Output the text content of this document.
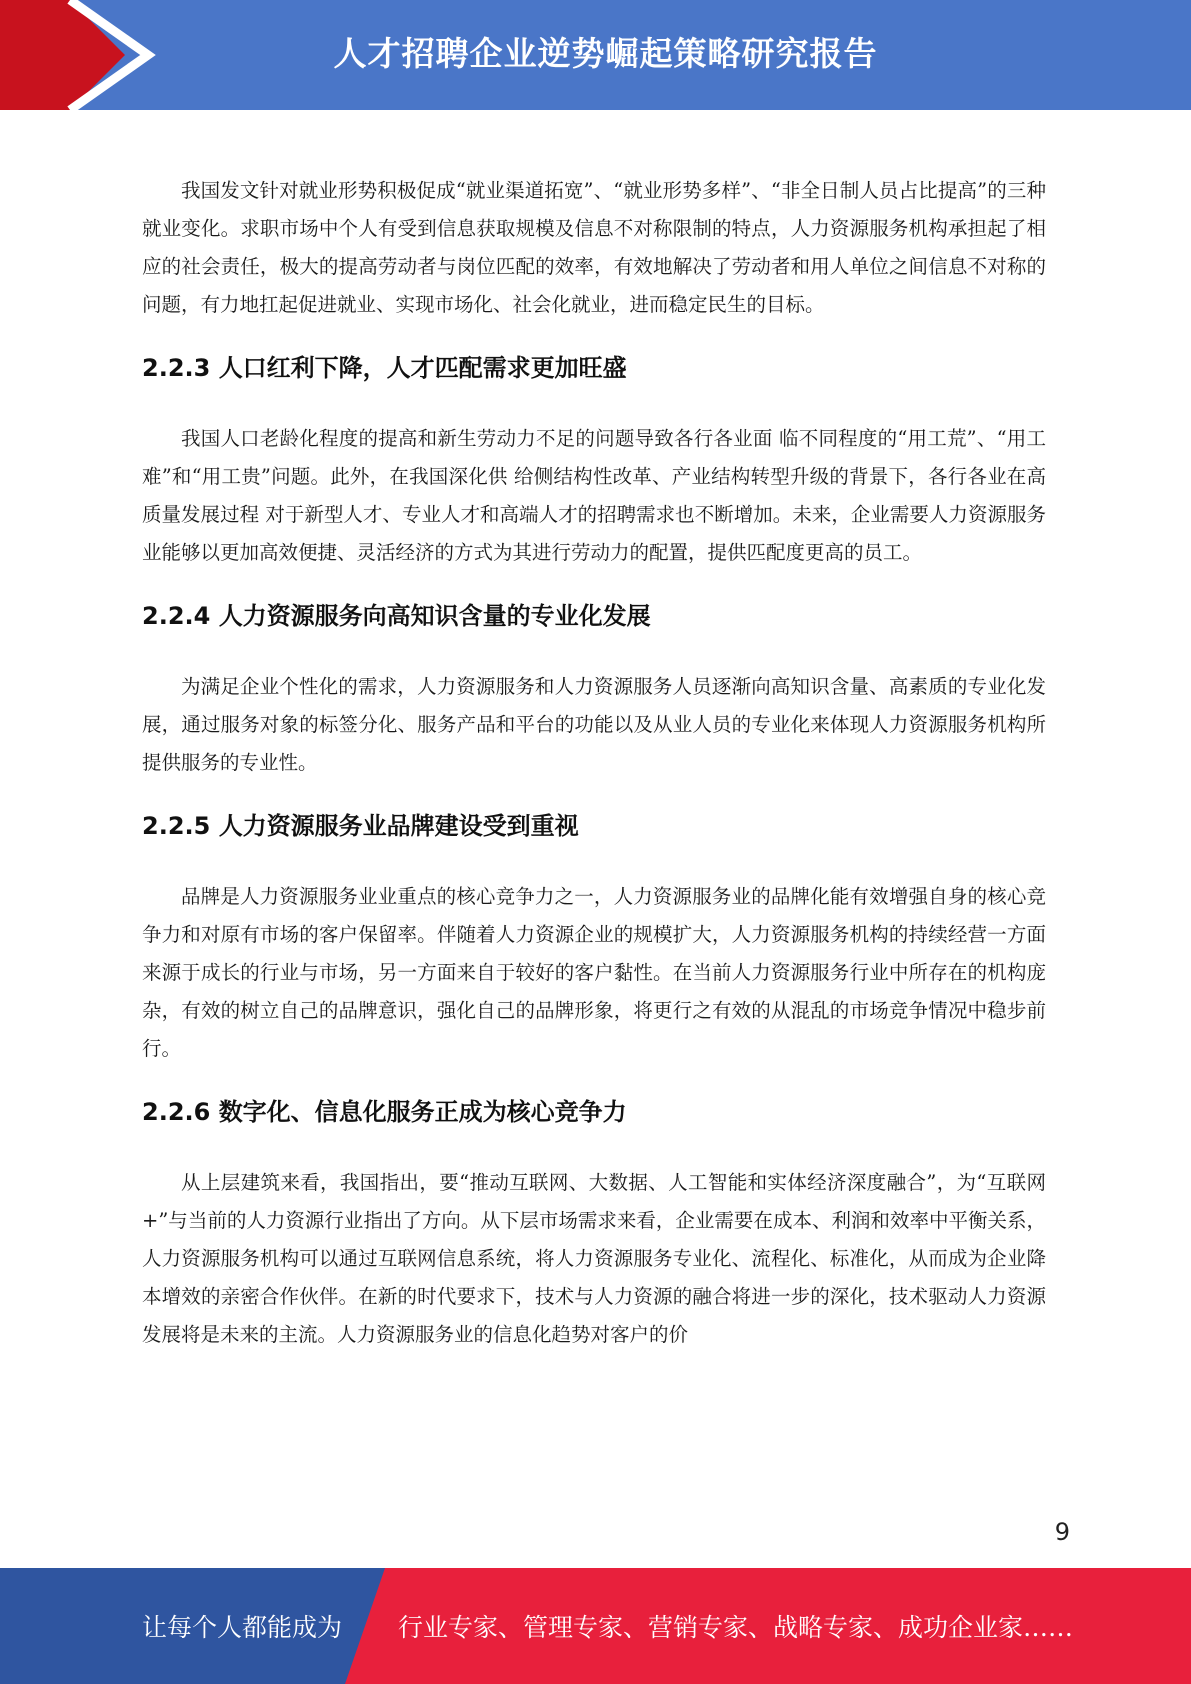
人才招聘企业逆势崛起策略研究报告

我国发文针对就业形势积极促成“就业渠道拓宽”、“就业形势多样”、“非全日制人员占比提高”的三种就业变化。求职市场中个人有受到信息获取规模及信息不对称限制的特点，人力资源服务机构承担起了相应的社会责任，极大的提高劳动者与岗位匹配的效率，有效地解决了劳动者和用人单位之间信息不对称的问题，有力地扛起促进就业、实现市场化、社会化就业，进而稳定民生的目标。

2.2.3 人口红利下降，人才匹配需求更加旺盛

我国人口老龄化程度的提高和新生劳动力不足的问题导致各行各业面 临不同程度的“用工荒”、“用工难”和“用工贵”问题。此外，在我国深化供 给侧结构性改革、产业结构转型升级的背景下，各行各业在高质量发展过程 对于新型人才、专业人才和高端人才的招聘需求也不断增加。未来，企业需要人力资源服务业能够以更加高效便捷、灵活经济的方式为其进行劳动力的配置，提供匹配度更高的员工。

2.2.4 人力资源服务向高知识含量的专业化发展

为满足企业个性化的需求，人力资源服务和人力资源服务人员逐渐向高知识含量、高素质的专业化发展，通过服务对象的标签分化、服务产品和平台的功能以及从业人员的专业化来体现人力资源服务机构所提供服务的专业性。

2.2.5 人力资源服务业品牌建设受到重视

品牌是人力资源服务业业重点的核心竞争力之一，人力资源服务业的品牌化能有效增强自身的核心竞争力和对原有市场的客户保留率。伴随着人力资源企业的规模扩大，人力资源服务机构的持续经营一方面来源于成长的行业与市场，另一方面来自于较好的客户黏性。在当前人力资源服务行业中所存在的机构庞杂，有效的树立自己的品牌意识，强化自己的品牌形象，将更行之有效的从混乱的市场竞争情况中稳步前行。

2.2.6 数字化、信息化服务正成为核心竞争力

从上层建筑来看，我国指出，要“推动互联网、大数据、人工智能和实体经济深度融合”，为“互联网+”与当前的人力资源行业指出了方向。从下层市场需求来看，企业需要在成本、利润和效率中平衡关系，人力资源服务机构可以通过互联网信息系统，将人力资源服务专业化、流程化、标准化，从而成为企业降本增效的亲密合作伙伴。在新的时代要求下，技术与人力资源的融合将进一步的深化，技术驱动人力资源发展将是未来的主流。人力资源服务业的信息化趋势对客户的价

9
让每个人都能成为 行业专家、管理专家、营销专家、战略专家、成功企业家……
